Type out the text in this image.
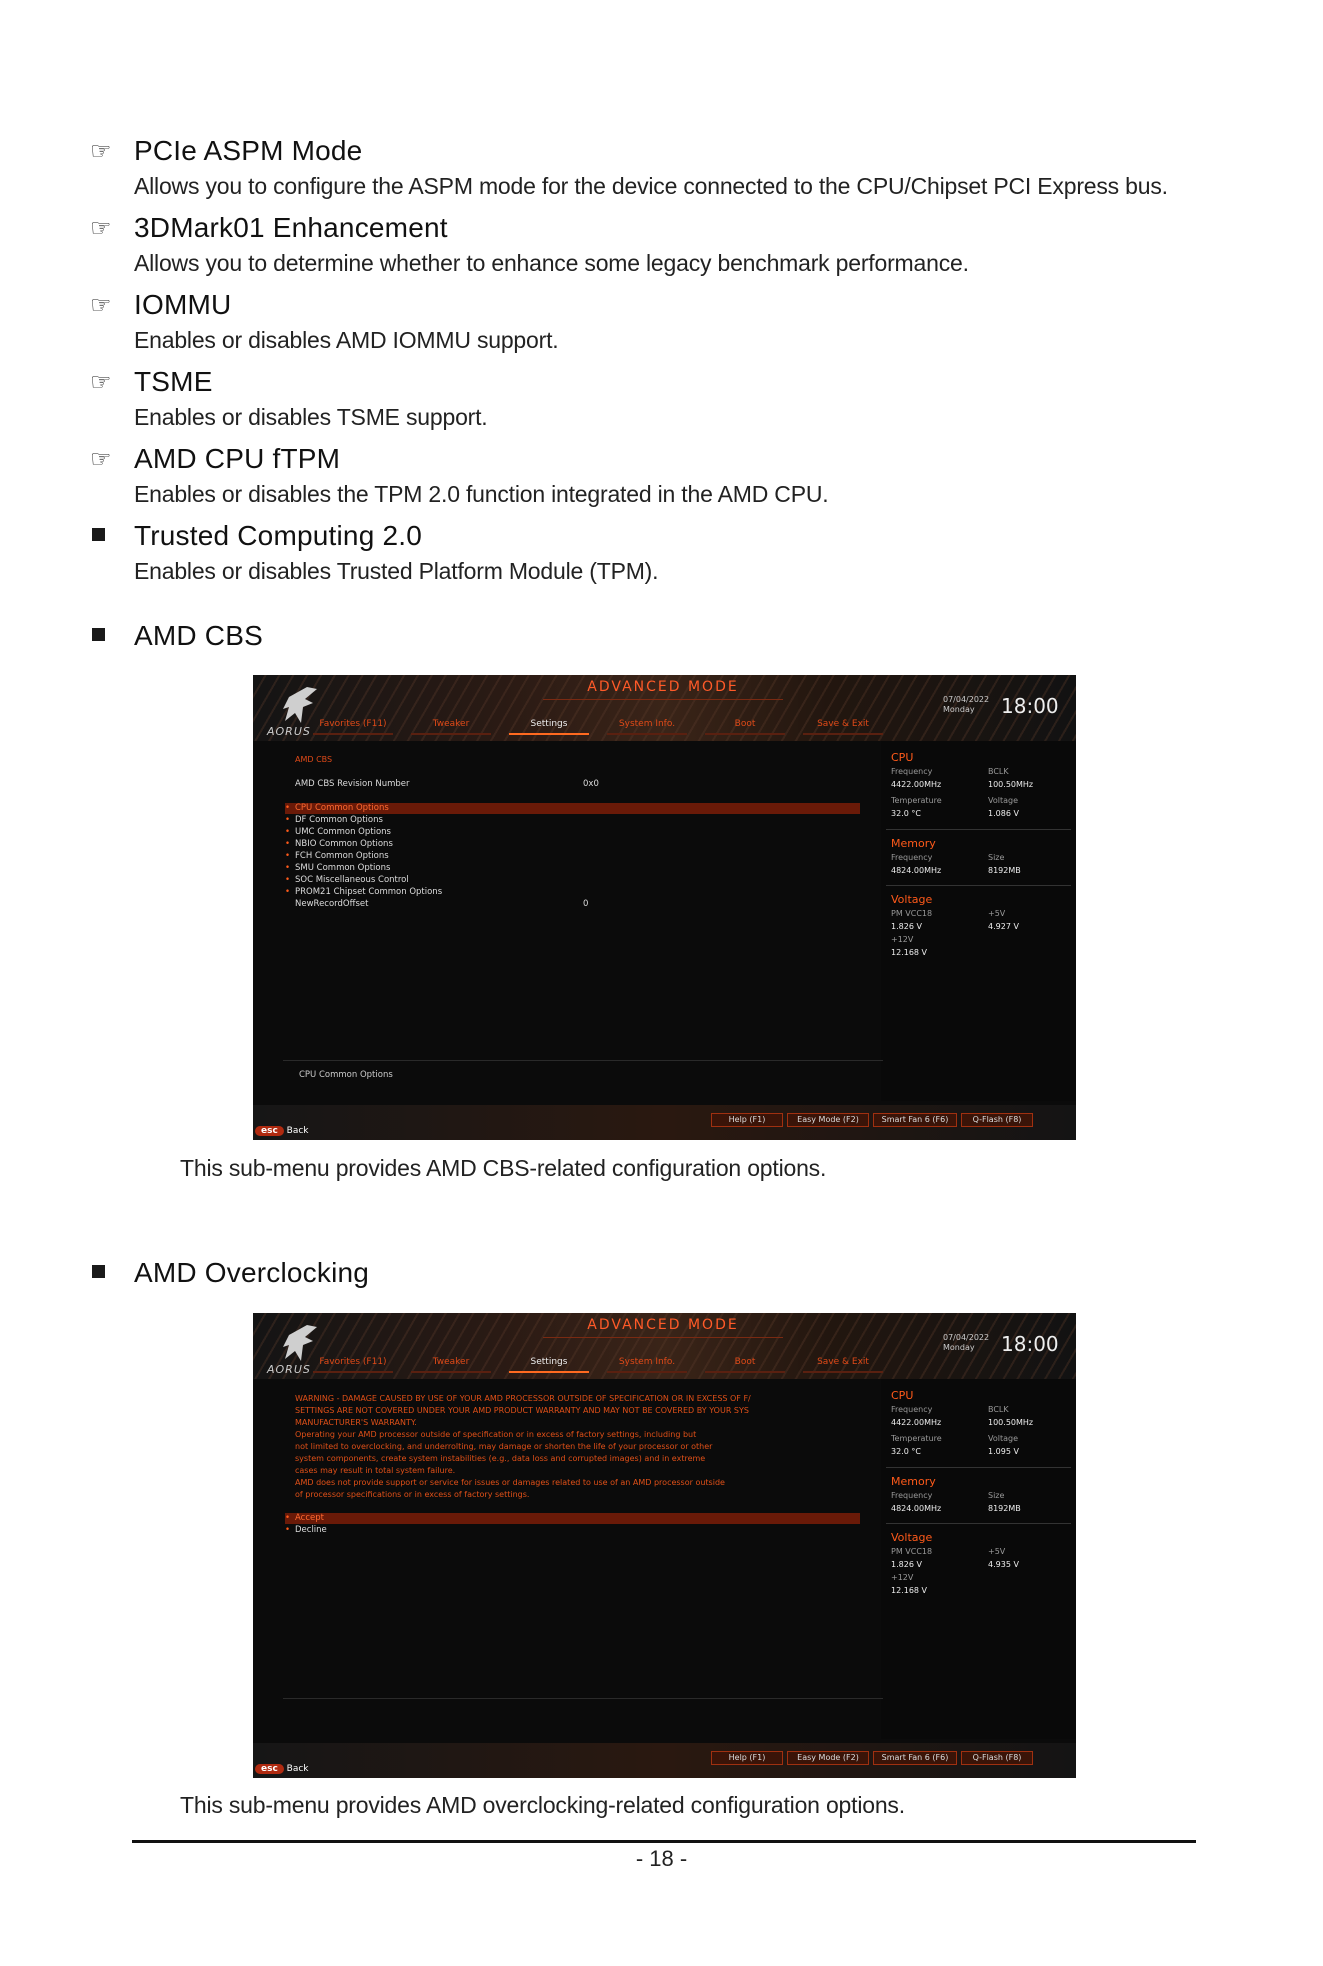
☞ PCIe ASPM Mode
Allows you to configure the ASPM mode for the device connected to the CPU/Chipset PCI Express bus.
☞ 3DMark01 Enhancement
Allows you to determine whether to enhance some legacy benchmark performance.
☞ IOMMU
Enables or disables AMD IOMMU support.
☞ TSME
Enables or disables TSME support.
☞ AMD CPU fTPM
Enables or disables the TPM 2.0 function integrated in the AMD CPU.
Trusted Computing 2.0
Enables or disables Trusted Platform Module (TPM).
AMD CBS
AORUS
ADVANCED MODE
07/04/2022
Monday	18:00
Favorites (F11)	Tweaker	Settings	System Info.	Boot	Save & Exit
AMD CBS
AMD CBS Revision Number	0x0
• CPU Common Options
• DF Common Options
• UMC Common Options
• NBIO Common Options
• FCH Common Options
• SMU Common Options
• SOC Miscellaneous Control
• PROM21 Chipset Common Options
NewRecordOffset	0
CPU
Frequency	BCLK
4422.00MHz	100.50MHz
Temperature	Voltage
32.0 °C	1.086 V
Memory
Frequency	Size
4824.00MHz	8192MB
Voltage
PM VCC18	+5V
1.826 V	4.927 V
+12V
12.168 V
CPU Common Options
Help (F1)	Easy Mode (F2)	Smart Fan 6 (F6)	Q-Flash (F8)
esc Back
This sub-menu provides AMD CBS-related configuration options.
AMD Overclocking
AORUS
ADVANCED MODE
07/04/2022
Monday	18:00
Favorites (F11)	Tweaker	Settings	System Info.	Boot	Save & Exit
WARNING - DAMAGE CAUSED BY USE OF YOUR AMD PROCESSOR OUTSIDE OF SPECIFICATION OR IN EXCESS OF F/
SETTINGS ARE NOT COVERED UNDER YOUR AMD PRODUCT WARRANTY AND MAY NOT BE COVERED BY YOUR SYS
MANUFACTURER'S WARRANTY.
Operating your AMD processor outside of specification or in excess of factory settings, including but
not limited to overclocking, and underrolting, may damage or shorten the life of your processor or other
system components, create system instabilities (e.g., data loss and corrupted images) and in extreme
cases may result in total system failure.
AMD does not provide support or service for issues or damages related to use of an AMD processor outside
of processor specifications or in excess of factory settings.
• Accept
• Decline
CPU
Frequency	BCLK
4422.00MHz	100.50MHz
Temperature	Voltage
32.0 °C	1.095 V
Memory
Frequency	Size
4824.00MHz	8192MB
Voltage
PM VCC18	+5V
1.826 V	4.935 V
+12V
12.168 V
Help (F1)	Easy Mode (F2)	Smart Fan 6 (F6)	Q-Flash (F8)
esc Back
This sub-menu provides AMD overclocking-related configuration options.
- 18 -
